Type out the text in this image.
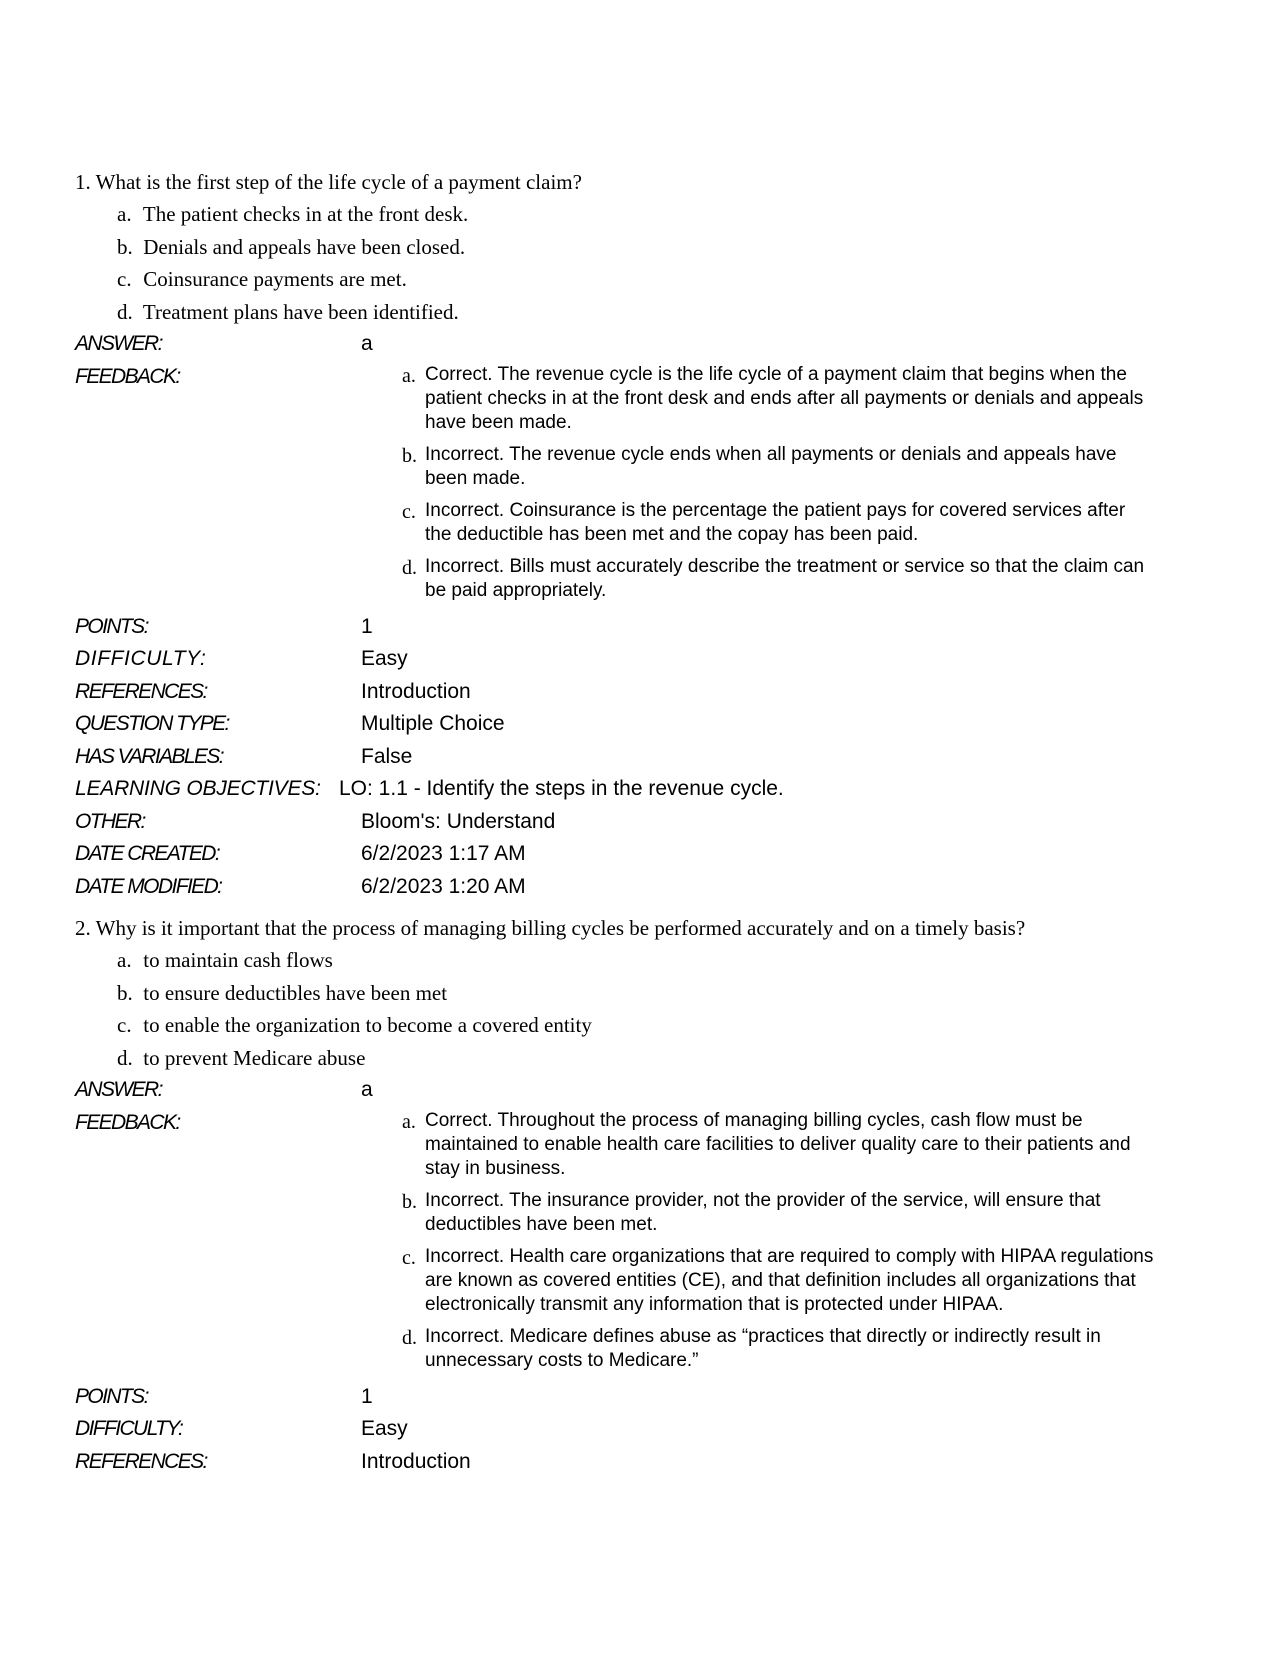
1. What is the first step of the life cycle of a payment claim?
a. The patient checks in at the front desk.
b. Denials and appeals have been closed.
c. Coinsurance payments are met.
d. Treatment plans have been identified.
ANSWER:	a
FEEDBACK:	a. Correct. The revenue cycle is the life cycle of a payment claim that begins when the patient checks in at the front desk and ends after all payments or denials and appeals have been made.
b. Incorrect. The revenue cycle ends when all payments or denials and appeals have been made.
c. Incorrect. Coinsurance is the percentage the patient pays for covered services after the deductible has been met and the copay has been paid.
d. Incorrect. Bills must accurately describe the treatment or service so that the claim can be paid appropriately.
POINTS:	1
DIFFICULTY:	Easy
REFERENCES:	Introduction
QUESTION TYPE:	Multiple Choice
HAS VARIABLES:	False
LEARNING OBJECTIVES: LO: 1.1 - Identify the steps in the revenue cycle.
OTHER:	Bloom's: Understand
DATE CREATED:	6/2/2023 1:17 AM
DATE MODIFIED:	6/2/2023 1:20 AM
2. Why is it important that the process of managing billing cycles be performed accurately and on a timely basis?
a. to maintain cash flows
b. to ensure deductibles have been met
c. to enable the organization to become a covered entity
d. to prevent Medicare abuse
ANSWER:	a
FEEDBACK:	a. Correct. Throughout the process of managing billing cycles, cash flow must be maintained to enable health care facilities to deliver quality care to their patients and stay in business.
b. Incorrect. The insurance provider, not the provider of the service, will ensure that deductibles have been met.
c. Incorrect. Health care organizations that are required to comply with HIPAA regulations are known as covered entities (CE), and that definition includes all organizations that electronically transmit any information that is protected under HIPAA.
d. Incorrect. Medicare defines abuse as “practices that directly or indirectly result in unnecessary costs to Medicare.”
POINTS:	1
DIFFICULTY:	Easy
REFERENCES:	Introduction
